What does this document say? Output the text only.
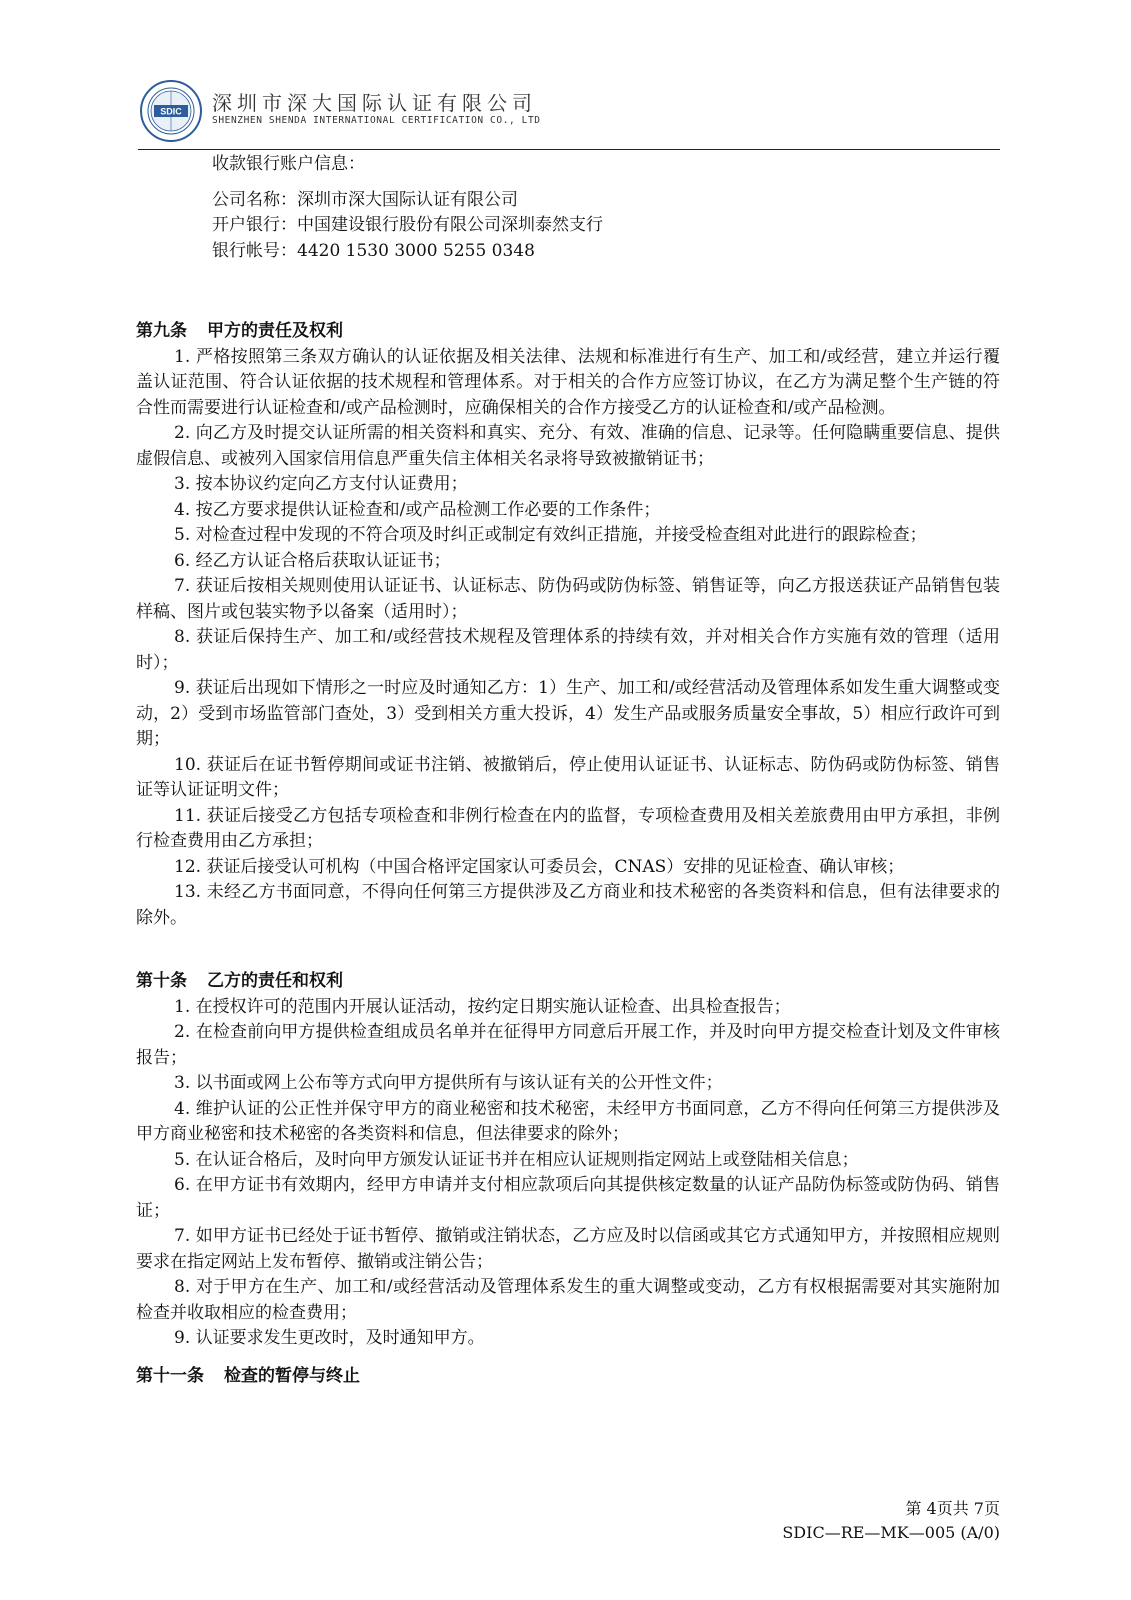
SDIC 深圳市深大国际认证有限公司
SHENZHEN SHENDA INTERNATIONAL CERTIFICATION CO., LTD

收款银行账户信息：

公司名称：深圳市深大国际认证有限公司

开户银行：中国建设银行股份有限公司深圳泰然支行

银行帐号：4420 1530 3000 5255 0348

第九条 甲方的责任及权利

1. 严格按照第三条双方确认的认证依据及相关法律、法规和标准进行有生产、加工和/或经营，建立并运行覆盖认证范围、符合认证依据的技术规程和管理体系。对于相关的合作方应签订协议，在乙方为满足整个生产链的符合性而需要进行认证检查和/或产品检测时，应确保相关的合作方接受乙方的认证检查和/或产品检测。

2. 向乙方及时提交认证所需的相关资料和真实、充分、有效、准确的信息、记录等。任何隐瞒重要信息、提供虚假信息、或被列入国家信用信息严重失信主体相关名录将导致被撤销证书；

3. 按本协议约定向乙方支付认证费用；

4. 按乙方要求提供认证检查和/或产品检测工作必要的工作条件；

5. 对检查过程中发现的不符合项及时纠正或制定有效纠正措施，并接受检查组对此进行的跟踪检查；

6. 经乙方认证合格后获取认证证书；

7. 获证后按相关规则使用认证证书、认证标志、防伪码或防伪标签、销售证等，向乙方报送获证产品销售包装样稿、图片或包装实物予以备案（适用时）；

8. 获证后保持生产、加工和/或经营技术规程及管理体系的持续有效，并对相关合作方实施有效的管理（适用时）；

9. 获证后出现如下情形之一时应及时通知乙方：1）生产、加工和/或经营活动及管理体系如发生重大调整或变动，2）受到市场监管部门查处，3）受到相关方重大投诉，4）发生产品或服务质量安全事故，5）相应行政许可到期；

10. 获证后在证书暂停期间或证书注销、被撤销后，停止使用认证证书、认证标志、防伪码或防伪标签、销售证等认证证明文件；

11. 获证后接受乙方包括专项检查和非例行检查在内的监督，专项检查费用及相关差旅费用由甲方承担，非例行检查费用由乙方承担；

12. 获证后接受认可机构（中国合格评定国家认可委员会，CNAS）安排的见证检查、确认审核；

13. 未经乙方书面同意，不得向任何第三方提供涉及乙方商业和技术秘密的各类资料和信息，但有法律要求的除外。

第十条 乙方的责任和权利

1. 在授权许可的范围内开展认证活动，按约定日期实施认证检查、出具检查报告；

2. 在检查前向甲方提供检查组成员名单并在征得甲方同意后开展工作，并及时向甲方提交检查计划及文件审核报告；

3. 以书面或网上公布等方式向甲方提供所有与该认证有关的公开性文件；

4. 维护认证的公正性并保守甲方的商业秘密和技术秘密，未经甲方书面同意，乙方不得向任何第三方提供涉及甲方商业秘密和技术秘密的各类资料和信息，但法律要求的除外；

5. 在认证合格后，及时向甲方颁发认证证书并在相应认证规则指定网站上或登陆相关信息；

6. 在甲方证书有效期内，经甲方申请并支付相应款项后向其提供核定数量的认证产品防伪标签或防伪码、销售证；

7. 如甲方证书已经处于证书暂停、撤销或注销状态，乙方应及时以信函或其它方式通知甲方，并按照相应规则要求在指定网站上发布暂停、撤销或注销公告；

8. 对于甲方在生产、加工和/或经营活动及管理体系发生的重大调整或变动，乙方有权根据需要对其实施附加检查并收取相应的检查费用；

9. 认证要求发生更改时，及时通知甲方。

第十一条 检查的暂停与终止

第 4页共 7页
SDIC—RE—MK—005 (A/0)
